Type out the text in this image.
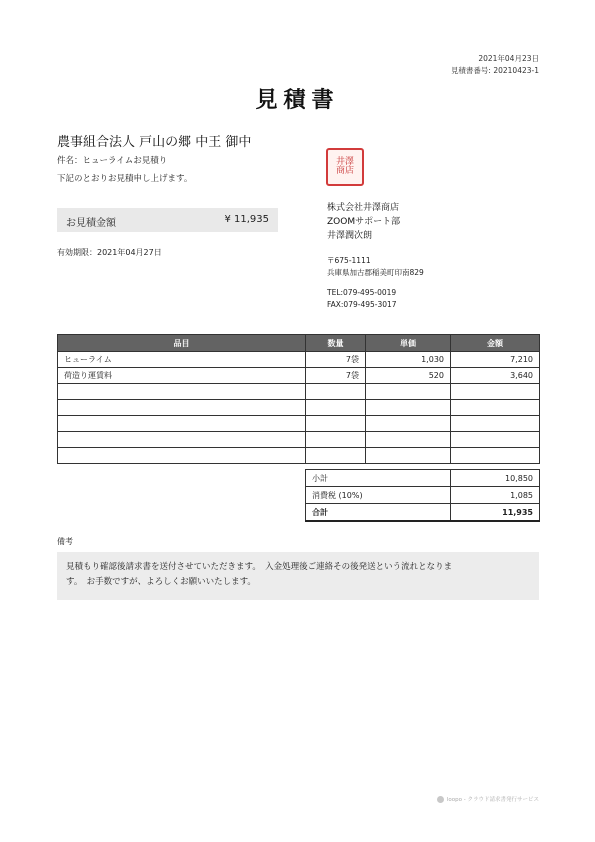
2021年04月23日
見積書番号: 20210423-1
見積書
農事組合法人 戸山の郷 中王 御中
件名：ヒューライムお見積り
下記のとおりお見積申し上げます。
お見積金額	¥ 11,935
有効期限：2021年04月27日
井澤商店
株式会社井澤商店
ZOOMサポート部
井澤潤次朗
〒675-1111
兵庫県加古郡稲美町印南829
TEL:079-495-0019
FAX:079-495-3017
品目	数量	単価	金額
ヒューライム	7袋	1,030	7,210
荷造り運賃料	7袋	520	3,640

小計	10,850
消費税 (10%)	1,085
合計	11,935
備考
見積もり確認後請求書を送付させていただきます。　入金処理後ご連絡その後発送という流れとなりま
す。　お手数ですが、よろしくお願いいたします。
loopo - クラウド請求書発行サービス
